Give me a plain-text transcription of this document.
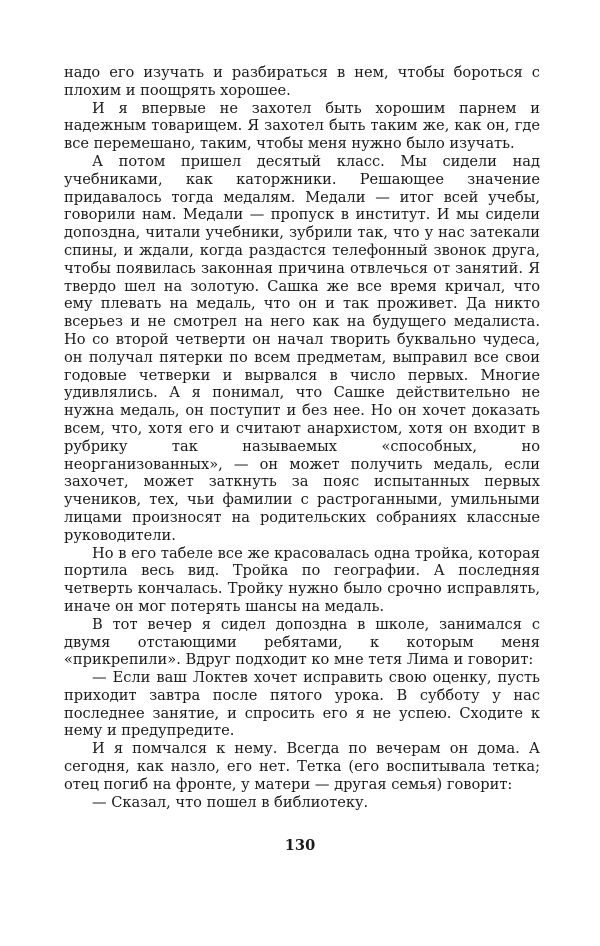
надо его изучать и разбираться в нем, чтобы бороться с плохим и поощрять хорошее.

И я впервые не захотел быть хорошим парнем и надежным товарищем. Я захотел быть таким же, как он, где все перемешано, таким, чтобы меня нужно было изучать.

А потом пришел десятый класс. Мы сидели над учебниками, как каторжники. Решающее значение придавалось тогда медалям. Медали — итог всей учебы, говорили нам. Медали — пропуск в институт. И мы сидели допоздна, читали учебники, зубрили так, что у нас затекали спины, и ждали, когда раздастся телефонный звонок друга, чтобы появилась законная причина отвлечься от занятий. Я твердо шел на золотую. Сашка же все время кричал, что ему плевать на медаль, что он и так проживет. Да никто всерьез и не смотрел на него как на будущего медалиста. Но со второй четверти он начал творить буквально чудеса, он получал пятерки по всем предметам, выправил все свои годовые четверки и вырвался в число первых. Многие удивлялись. А я понимал, что Сашке действительно не нужна медаль, он поступит и без нее. Но он хочет доказать всем, что, хотя его и считают анархистом, хотя он входит в рубрику так называемых «способных, но неорганизованных», — он может получить медаль, если захочет, может заткнуть за пояс испытанных первых учеников, тех, чьи фамилии с растроганными, умильными лицами произносят на родительских собраниях классные руководители.

Но в его табеле все же красовалась одна тройка, которая портила весь вид. Тройка по географии. А последняя четверть кончалась. Тройку нужно было срочно исправлять, иначе он мог потерять шансы на медаль.

В тот вечер я сидел допоздна в школе, занимался с двумя отстающими ребятами, к которым меня «прикрепили». Вдруг подходит ко мне тетя Лима и говорит:

— Если ваш Локтев хочет исправить свою оценку, пусть приходит завтра после пятого урока. В субботу у нас последнее занятие, и спросить его я не успею. Сходите к нему и предупредите.

И я помчался к нему. Всегда по вечерам он дома. А сегодня, как назло, его нет. Тетка (его воспитывала тетка; отец погиб на фронте, у матери — другая семья) говорит:

— Сказал, что пошел в библиотеку.

130
